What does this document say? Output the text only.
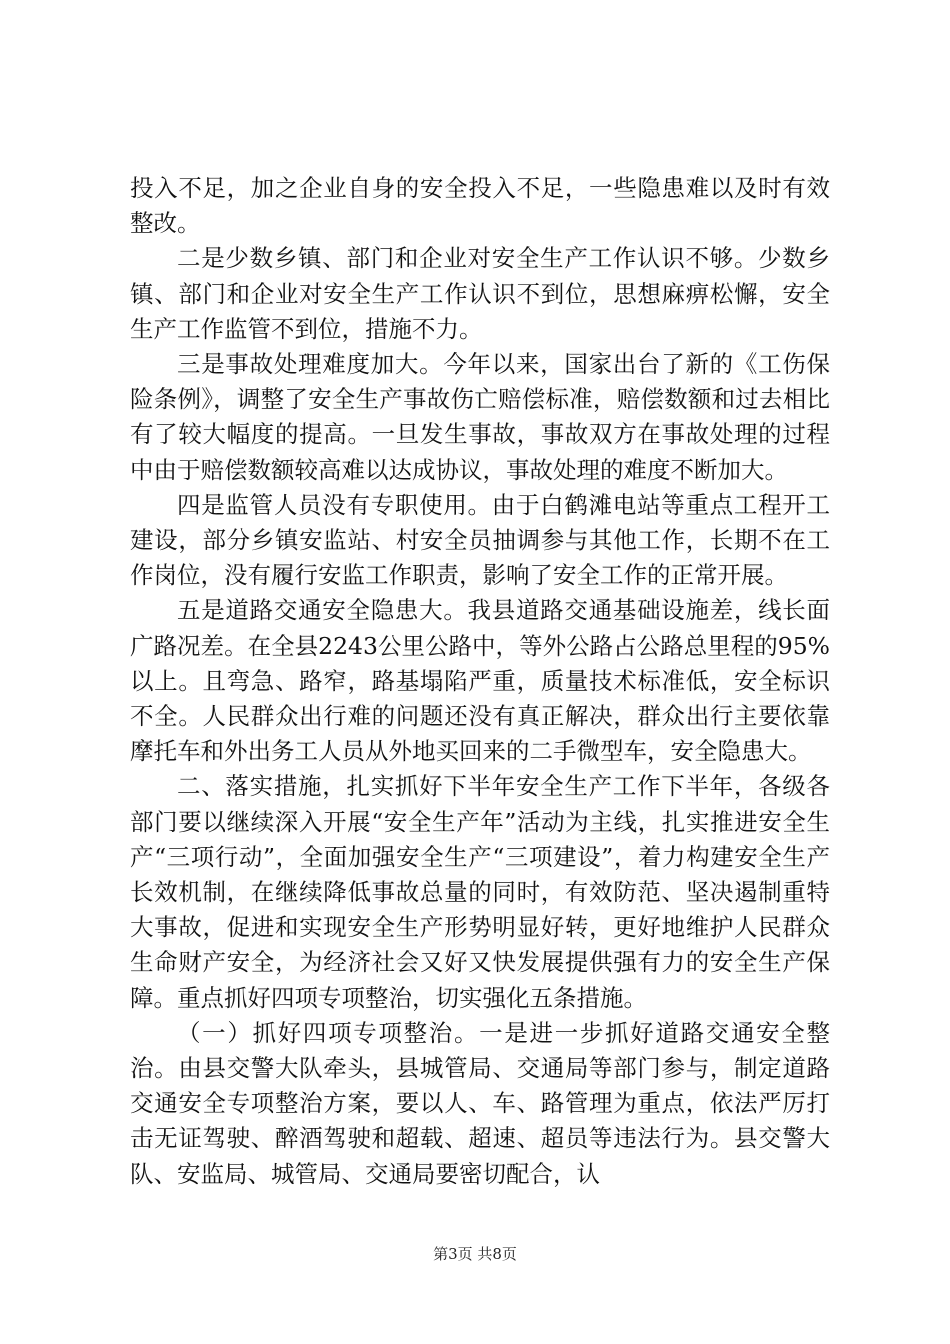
投入不足，加之企业自身的安全投入不足，一些隐患难以及时有效整改。

二是少数乡镇、部门和企业对安全生产工作认识不够。少数乡镇、部门和企业对安全生产工作认识不到位，思想麻痹松懈，安全生产工作监管不到位，措施不力。

三是事故处理难度加大。今年以来，国家出台了新的《工伤保险条例》，调整了安全生产事故伤亡赔偿标准，赔偿数额和过去相比有了较大幅度的提高。一旦发生事故，事故双方在事故处理的过程中由于赔偿数额较高难以达成协议，事故处理的难度不断加大。

四是监管人员没有专职使用。由于白鹤滩电站等重点工程开工建设，部分乡镇安监站、村安全员抽调参与其他工作，长期不在工作岗位，没有履行安监工作职责，影响了安全工作的正常开展。

五是道路交通安全隐患大。我县道路交通基础设施差，线长面广路况差。在全县2243公里公路中，等外公路占公路总里程的95%以上。且弯急、路窄，路基塌陷严重，质量技术标准低，安全标识不全。人民群众出行难的问题还没有真正解决，群众出行主要依靠摩托车和外出务工人员从外地买回来的二手微型车，安全隐患大。

二、落实措施，扎实抓好下半年安全生产工作下半年，各级各部门要以继续深入开展“安全生产年”活动为主线，扎实推进安全生产“三项行动”，全面加强安全生产“三项建设”，着力构建安全生产长效机制，在继续降低事故总量的同时，有效防范、坚决遏制重特大事故，促进和实现安全生产形势明显好转，更好地维护人民群众生命财产安全，为经济社会又好又快发展提供强有力的安全生产保障。重点抓好四项专项整治，切实强化五条措施。

（一）抓好四项专项整治。一是进一步抓好道路交通安全整治。由县交警大队牵头，县城管局、交通局等部门参与，制定道路交通安全专项整治方案，要以人、车、路管理为重点，依法严厉打击无证驾驶、醉酒驾驶和超载、超速、超员等违法行为。县交警大队、安监局、城管局、交通局要密切配合，认

第3页 共8页
